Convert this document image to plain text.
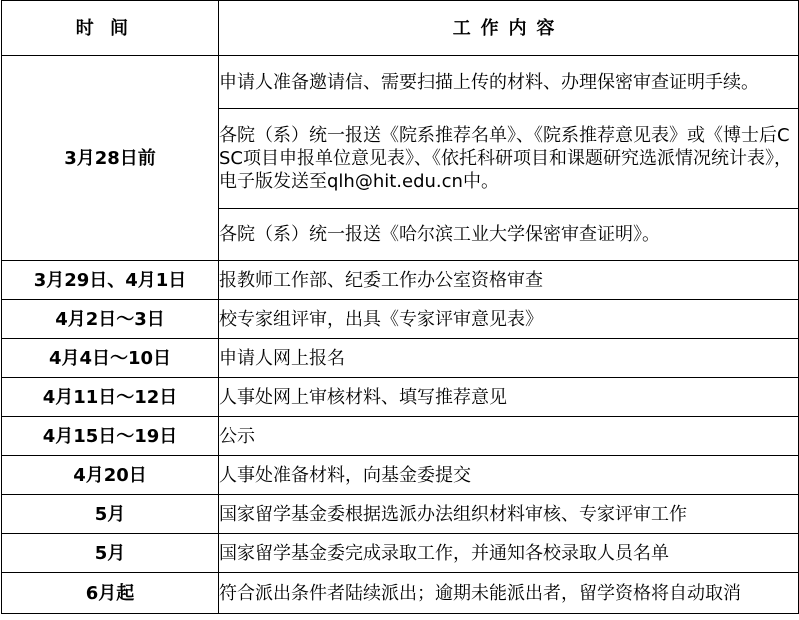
时间	工作内容
3月28日前	申请人准备邀请信、需要扫描上传的材料、办理保密审查证明手续。
	各院（系）统一报送《院系推荐名单》、《院系推荐意见表》或《博士后CSC项目申报单位意见表》、《依托科研项目和课题研究选派情况统计表》，电子版发送至qlh@hit.edu.cn中。
	各院（系）统一报送《哈尔滨工业大学保密审查证明》。
3月29日、4月1日	报教师工作部、纪委工作办公室资格审查
4月2日～3日	校专家组评审，出具《专家评审意见表》
4月4日～10日	申请人网上报名
4月11日～12日	人事处网上审核材料、填写推荐意见
4月15日～19日	公示
4月20日	人事处准备材料，向基金委提交
5月	国家留学基金委根据选派办法组织材料审核、专家评审工作
5月	国家留学基金委完成录取工作，并通知各校录取人员名单
6月起	符合派出条件者陆续派出；逾期未能派出者，留学资格将自动取消
